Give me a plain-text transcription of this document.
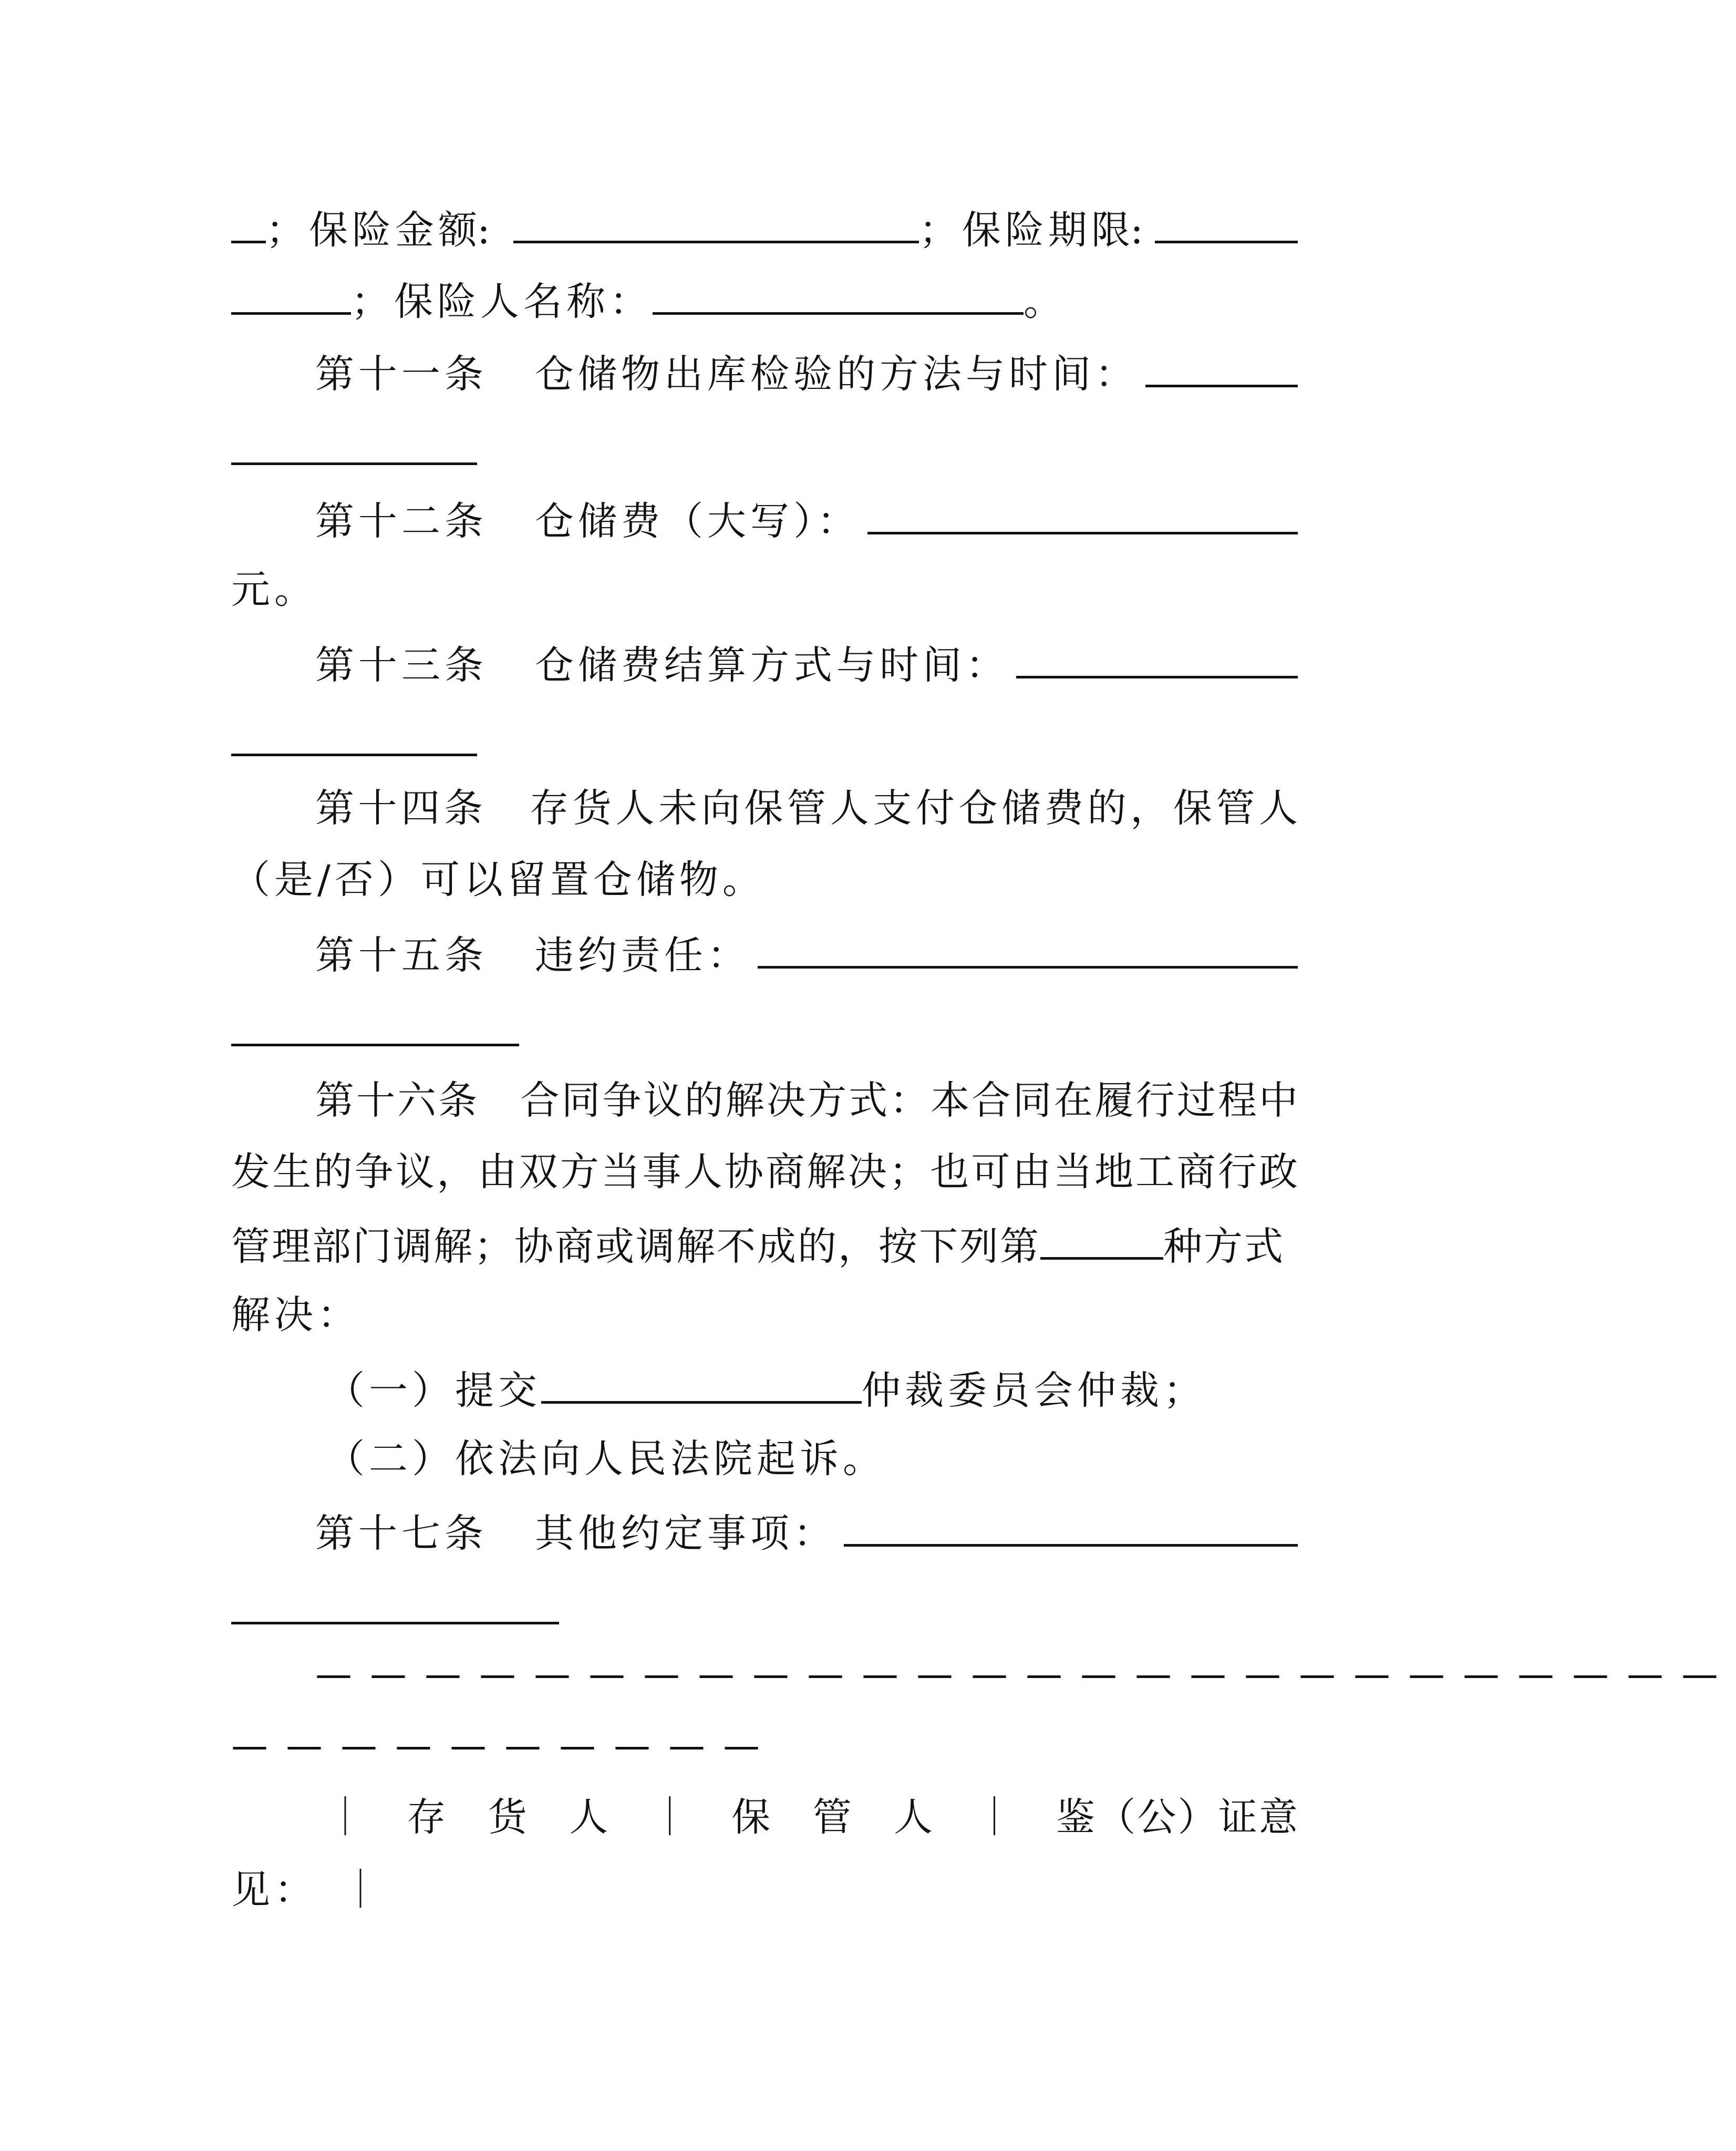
；保险金额
:	；保险期限
:
；保险人名称：	。
第十一条 仓储物出库检验的方法与时间：
第十二条 仓储费（大写）：
元。
第十三条 仓储费结算方式与时间：
第十四条　存货人未向保管人支付仓储费的，保管人
（是/否）可以留置仓储物。
第十五条 违约责任：
第十六条　合同争议的解决方式：本合同在履行过程中
发生的争议，由双方当事人协商解决；也可由当地工商行政
管理部门调解；协商或调解不成的，按下列第	种方式
解决：
（一）提交	仲裁委员会仲裁；
（二）依法向人民法院起诉。
第十七条 其他约定事项：
——————————————————————————
——————————
｜　存　货　人　｜　保　管　人　｜　鉴（公）证意
见：　｜
